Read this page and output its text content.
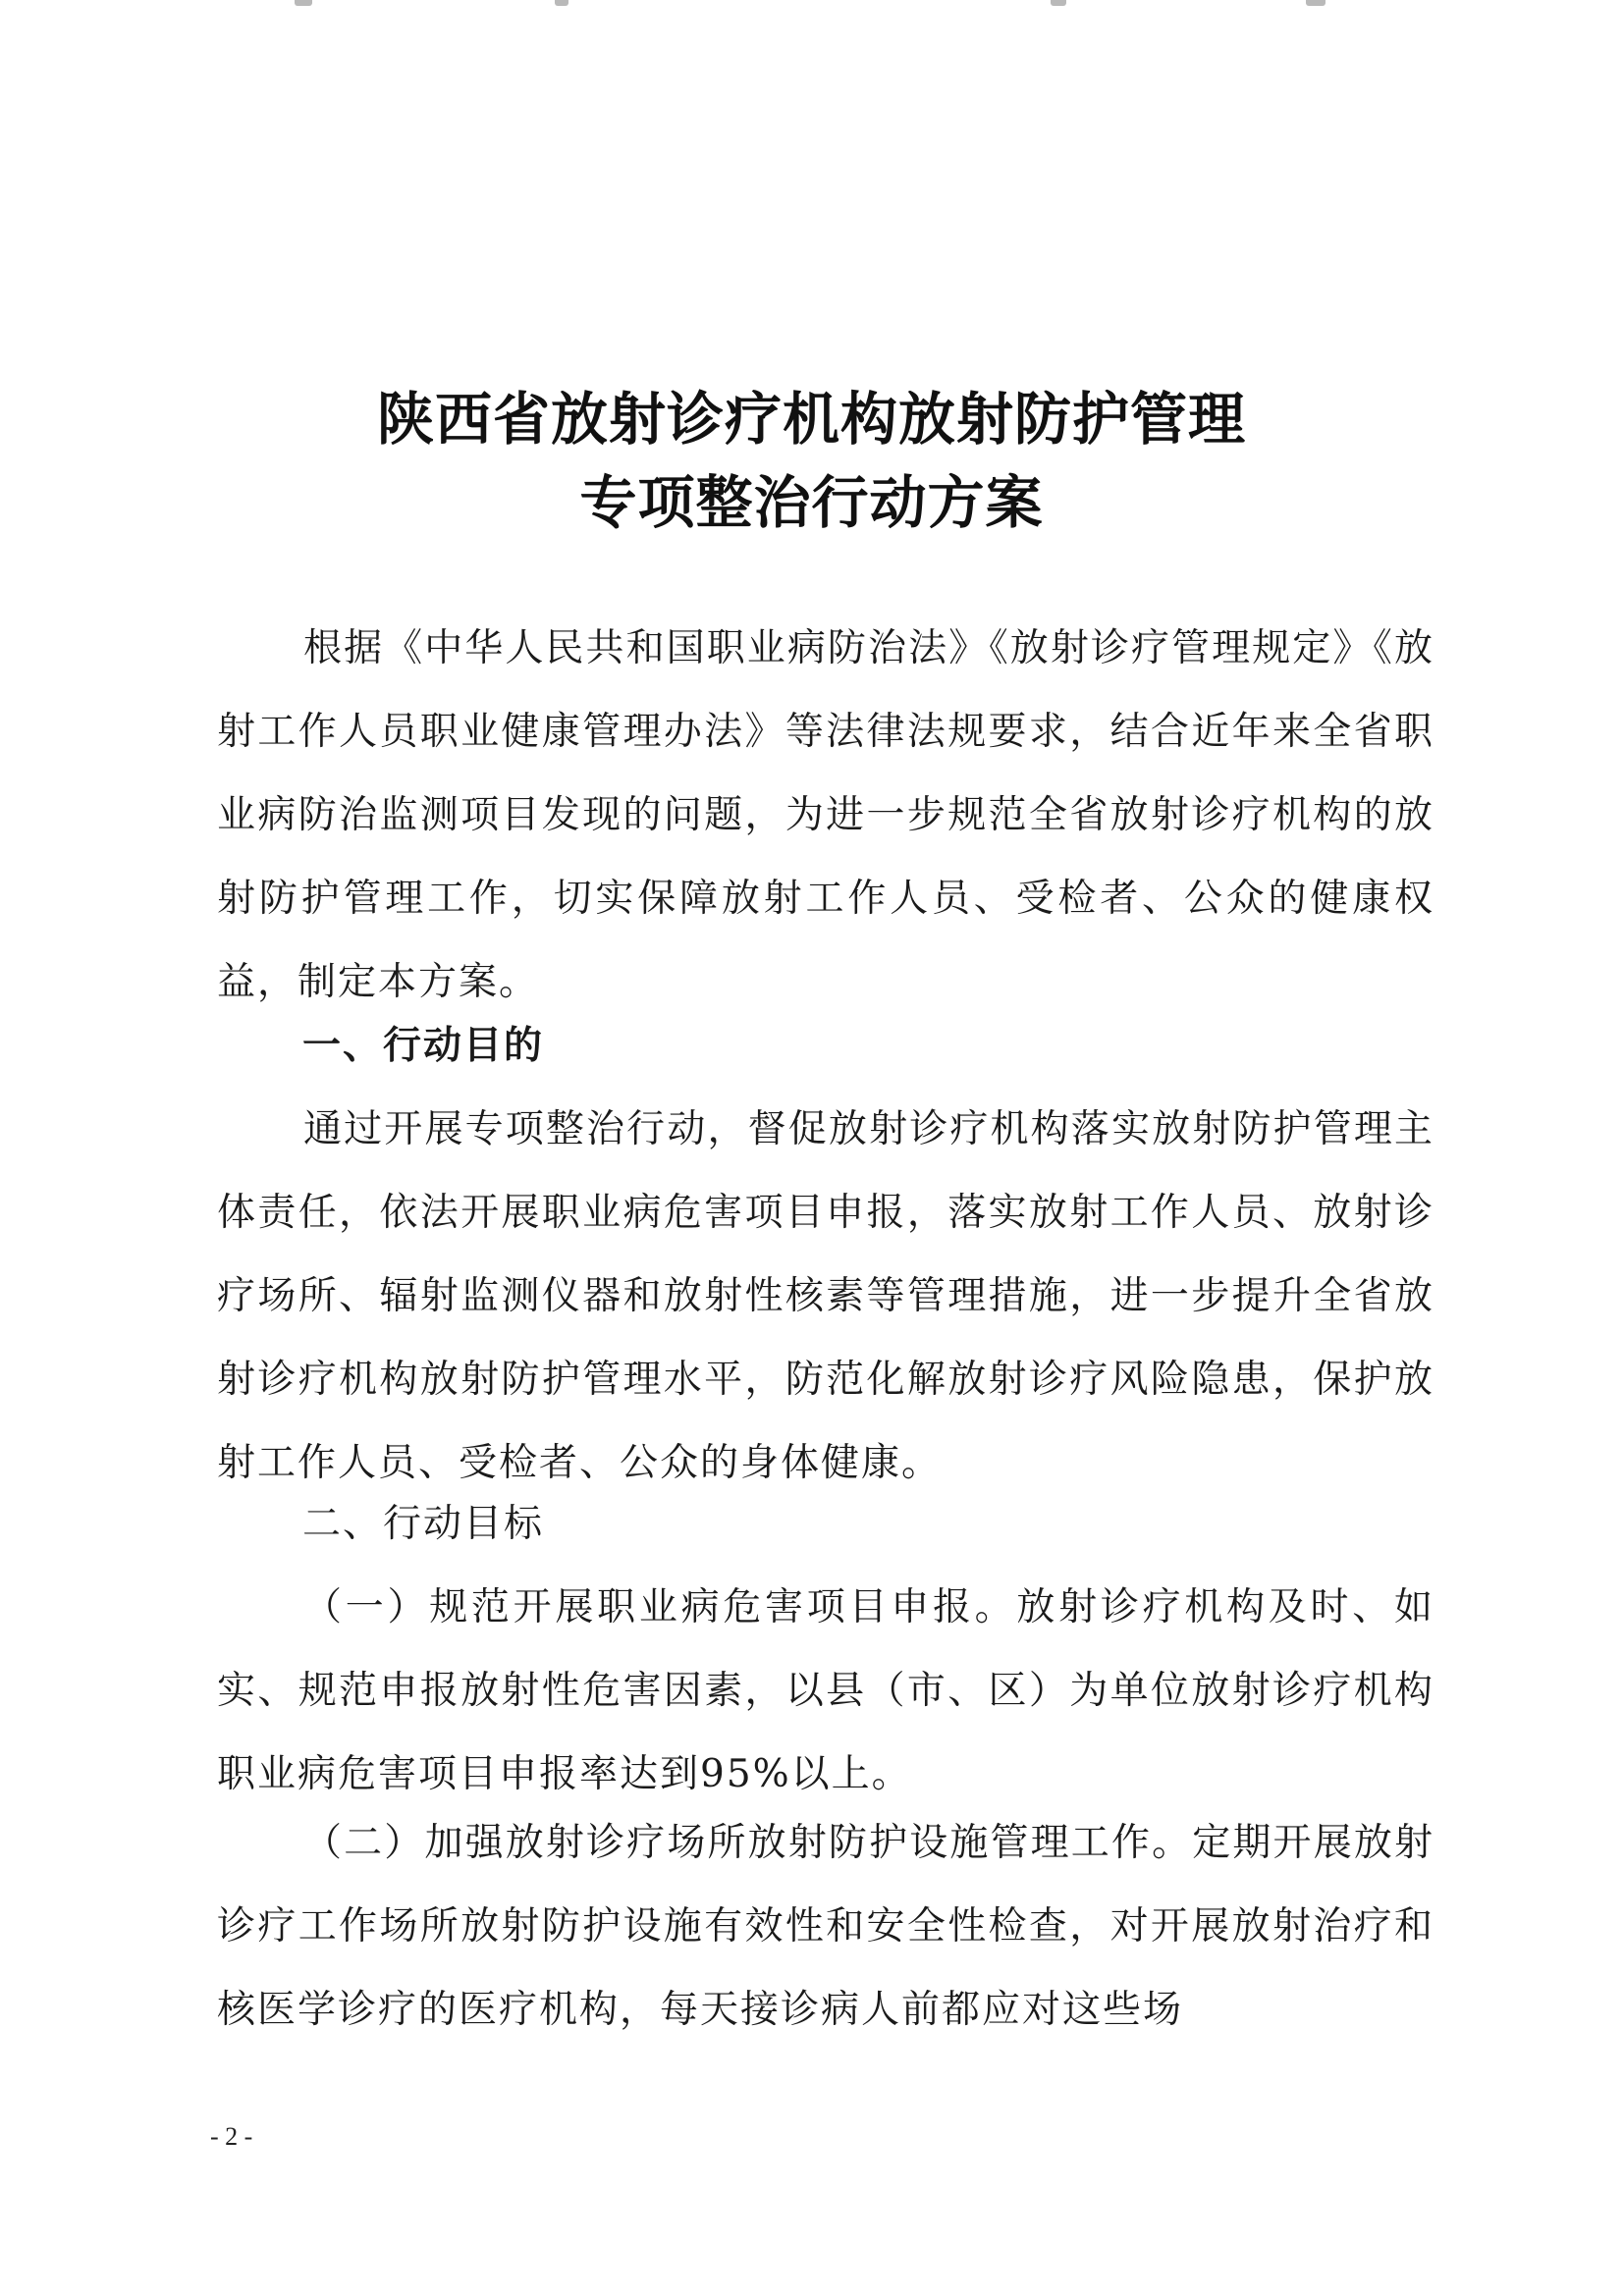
陕西省放射诊疗机构放射防护管理
专项整治行动方案

根据《中华人民共和国职业病防治法》《放射诊疗管理规定》《放射工作人员职业健康管理办法》等法律法规要求，结合近年来全省职业病防治监测项目发现的问题，为进一步规范全省放射诊疗机构的放射防护管理工作，切实保障放射工作人员、受检者、公众的健康权益，制定本方案。

一、行动目的

通过开展专项整治行动，督促放射诊疗机构落实放射防护管理主体责任，依法开展职业病危害项目申报，落实放射工作人员、放射诊疗场所、辐射监测仪器和放射性核素等管理措施，进一步提升全省放射诊疗机构放射防护管理水平，防范化解放射诊疗风险隐患，保护放射工作人员、受检者、公众的身体健康。

二、行动目标

（一）规范开展职业病危害项目申报。放射诊疗机构及时、如实、规范申报放射性危害因素，以县（市、区）为单位放射诊疗机构职业病危害项目申报率达到95%以上。

（二）加强放射诊疗场所放射防护设施管理工作。定期开展放射诊疗工作场所放射防护设施有效性和安全性检查，对开展放射治疗和核医学诊疗的医疗机构，每天接诊病人前都应对这些场

- 2 -
